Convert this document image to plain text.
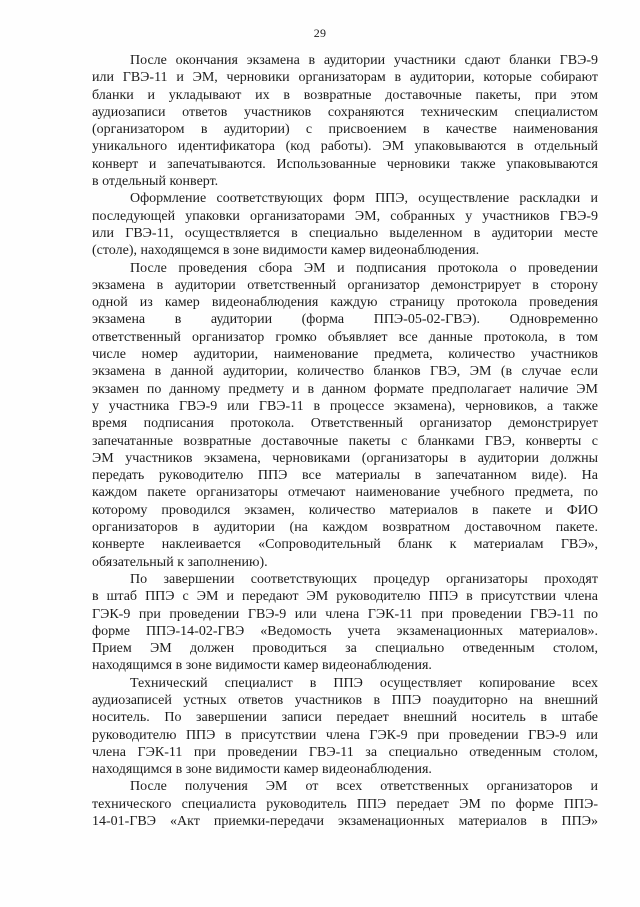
29

После окончания экзамена в аудитории участники сдают бланки ГВЭ-9
или ГВЭ-11 и ЭМ, черновики организаторам в аудитории, которые собирают
бланки и укладывают их в возвратные доставочные пакеты, при этом
аудиозаписи ответов участников сохраняются техническим специалистом
(организатором в аудитории) с присвоением в качестве наименования
уникального идентификатора (код работы). ЭМ упаковываются в отдельный
конверт и запечатываются. Использованные черновики также упаковываются
в отдельный конверт.

Оформление соответствующих форм ППЭ, осуществление раскладки и
последующей упаковки организаторами ЭМ, собранных у участников ГВЭ-9
или ГВЭ-11, осуществляется в специально выделенном в аудитории месте
(столе), находящемся в зоне видимости камер видеонаблюдения.

После проведения сбора ЭМ и подписания протокола о проведении
экзамена в аудитории ответственный организатор демонстрирует в сторону
одной из камер видеонаблюдения каждую страницу протокола проведения
экзамена в аудитории (форма ППЭ-05-02-ГВЭ). Одновременно
ответственный организатор громко объявляет все данные протокола, в том
числе номер аудитории, наименование предмета, количество участников
экзамена в данной аудитории, количество бланков ГВЭ, ЭМ (в случае если
экзамен по данному предмету и в данном формате предполагает наличие ЭМ
у участника ГВЭ-9 или ГВЭ-11 в процессе экзамена), черновиков, а также
время подписания протокола. Ответственный организатор демонстрирует
запечатанные возвратные доставочные пакеты с бланками ГВЭ, конверты с
ЭМ участников экзамена, черновиками (организаторы в аудитории должны
передать руководителю ППЭ все материалы в запечатанном виде). На
каждом пакете организаторы отмечают наименование учебного предмета, по
которому проводился экзамен, количество материалов в пакете и ФИО
организаторов в аудитории (на каждом возвратном доставочном пакете.
конверте наклеивается «Сопроводительный бланк к материалам ГВЭ»,
обязательный к заполнению).

По завершении соответствующих процедур организаторы проходят
в штаб ППЭ с ЭМ и передают ЭМ руководителю ППЭ в присутствии члена
ГЭК-9 при проведении ГВЭ-9 или члена ГЭК-11 при проведении ГВЭ-11 по
форме ППЭ-14-02-ГВЭ «Ведомость учета экзаменационных материалов».
Прием ЭМ должен проводиться за специально отведенным столом,
находящимся в зоне видимости камер видеонаблюдения.

Технический специалист в ППЭ осуществляет копирование всех
аудиозаписей устных ответов участников в ППЭ поаудиторно на внешний
носитель. По завершении записи передает внешний носитель в штабе
руководителю ППЭ в присутствии члена ГЭК-9 при проведении ГВЭ-9 или
члена ГЭК-11 при проведении ГВЭ-11 за специально отведенным столом,
находящимся в зоне видимости камер видеонаблюдения.

После получения ЭМ от всех ответственных организаторов и
технического специалиста руководитель ППЭ передает ЭМ по форме ППЭ-
14-01-ГВЭ «Акт приемки-передачи экзаменационных материалов в ППЭ»
